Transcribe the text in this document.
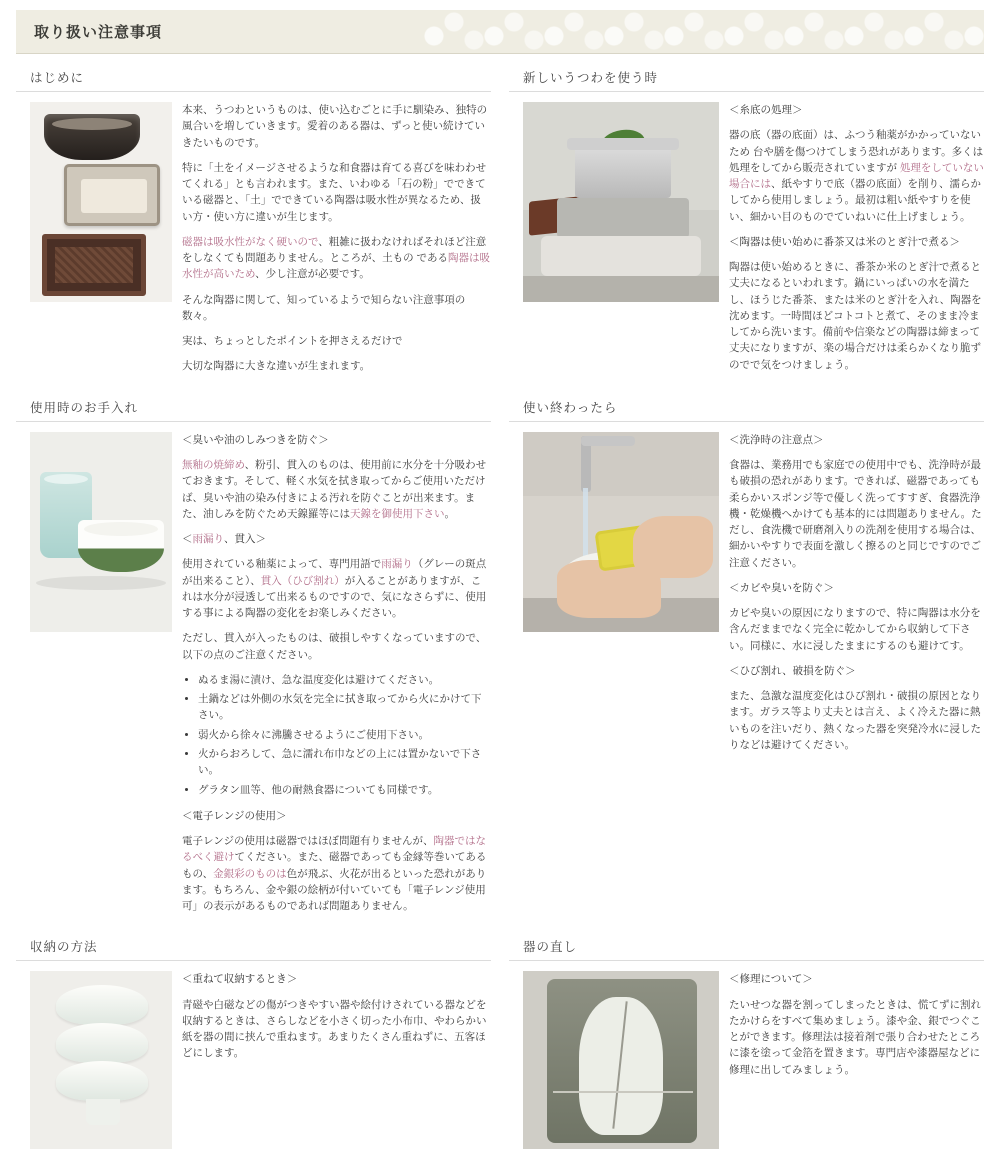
取り扱い注意事項
はじめに

本来、うつわというものは、使い込むごとに手に馴染み、独特の風合いを増していきます。愛着のある器は、ずっと使い続けていきたいものです。

特に「土をイメージさせるような和食器は育てる喜びを味わわせてくれる」とも言われます。また、いわゆる「石の粉」でできている磁器と、「土」でできている陶器は吸水性が異なるため、扱い方・使い方に違いが生じます。

磁器は吸水性がなく硬いので、粗雑に扱わなければそれほど注意をしなくても問題ありません。ところが、土もの である陶器は吸水性が高いため、少し注意が必要です。

そんな陶器に関して、知っているようで知らない注意事項の数々。

実は、ちょっとしたポイントを押さえるだけで

大切な陶器に大きな違いが生まれます。

新しいうつわを使う時

＜糸底の処理＞

器の底（器の底面）は、ふつう釉薬がかかっていないため 台や膳を傷つけてしまう恐れがあります。多くは処理をしてから販売されていますが 処理をしていない場合には、紙やすりで底（器の底面）を削り、濡らかしてから使用しましょう。最初は粗い紙やすりを使い、細かい目のものでていねいに仕上げましょう。

＜陶器は使い始めに番茶又は米のとぎ汁で煮る＞

陶器は使い始めるときに、番茶か米のとぎ汁で煮ると丈夫になるといわれます。鍋にいっぱいの水を満たし、ほうじた番茶、または米のとぎ汁を入れ、陶器を沈めます。一時間ほどコトコトと煮て、そのまま冷ましてから洗います。備前や信楽などの陶器は締まって丈夫になりますが、楽の場合だけは柔らかくなり脆ずのでで気をつけましょう。

使用時のお手入れ

＜臭いや油のしみつきを防ぐ＞

無釉の焼締め、粉引、貫入のものは、使用前に水分を十分吸わせておきます。そして、軽く水気を拭き取ってからご使用いただけば、臭いや油の染み付きによる汚れを防ぐことが出来ます。また、油しみを防ぐため天䤼羅等には天䤼を御使用下さい。

＜雨漏り、貫入＞

使用されている釉薬によって、専門用語で雨漏り（グレーの斑点が出来ること）、貫入（ひび割れ）が入ることがありますが、これは水分が浸透して出来るものですので、気になさらずに、使用する事による陶器の変化をお楽しみください。

ただし、貫入が入ったものは、破損しやすくなっていますので、以下の点のご注意ください。

• ぬるま湯に漬け、急な温度変化は避けてください。
• 土鍋などは外側の水気を完全に拭き取ってから火にかけて下さい。
• 弱火から徐々に沸騰させるようにご使用下さい。
• 火からおろして、急に濡れ布巾などの上には置かないで下さい。
• グラタン皿等、他の耐熱食器についても同様です。

＜電子レンジの使用＞

電子レンジの使用は磁器ではほぼ問題有りませんが、陶器ではなるべく避けてください。また、磁器であっても金縁等巻いてあるもの、金銀彩のものは色が飛ぶ、火花が出るといった恐れがあります。もちろん、金や銀の絵柄が付いていても「電子レンジ使用可」の表示があるものであれば問題ありません。

使い終わったら

＜洗浄時の注意点＞

食器は、業務用でも家庭での使用中でも、洗浄時が最も破損の恐れがあります。できれば、磁器であっても柔らかいスポンジ等で優しく洗ってすすぎ、食器洗浄機・乾燥機へかけても基本的には問題ありません。ただし、食洗機で研磨剤入りの洗剤を使用する場合は、細かいやすりで表面を激しく擦るのと同じですのでご注意ください。

＜カビや臭いを防ぐ＞

カビや臭いの原因になりますので、特に陶器は水分を含んだままでなく完全に乾かしてから収納して下さい。同様に、水に浸したままにするのも避けてす。

＜ひび割れ、破損を防ぐ＞

また、急激な温度変化はひび割れ・破損の原因となります。ガラス等より丈夫とは言え、よく冷えた器に熱いものを注いだり、熱くなった器を突発冷水に浸したりなどは避けてください。

収納の方法

＜重ねて収納するとき＞

青磁や白磁などの傷がつきやすい器や絵付けされている器などを収納するときは、さらしなどを小さく切った小布巾、やわらかい紙を器の間に挟んで重ねます。あまりたくさん重ねずに、五客ほどにします。

器の直し

＜修理について＞

たいせつな器を割ってしまったときは、慌てずに割れたかけらをすべて集めましょう。漆や金、銀でつぐことができます。修理法は接着剤で張り合わせたところに漆を塗って金箔を置きます。専門店や漆器屋などに修理に出してみましょう。
